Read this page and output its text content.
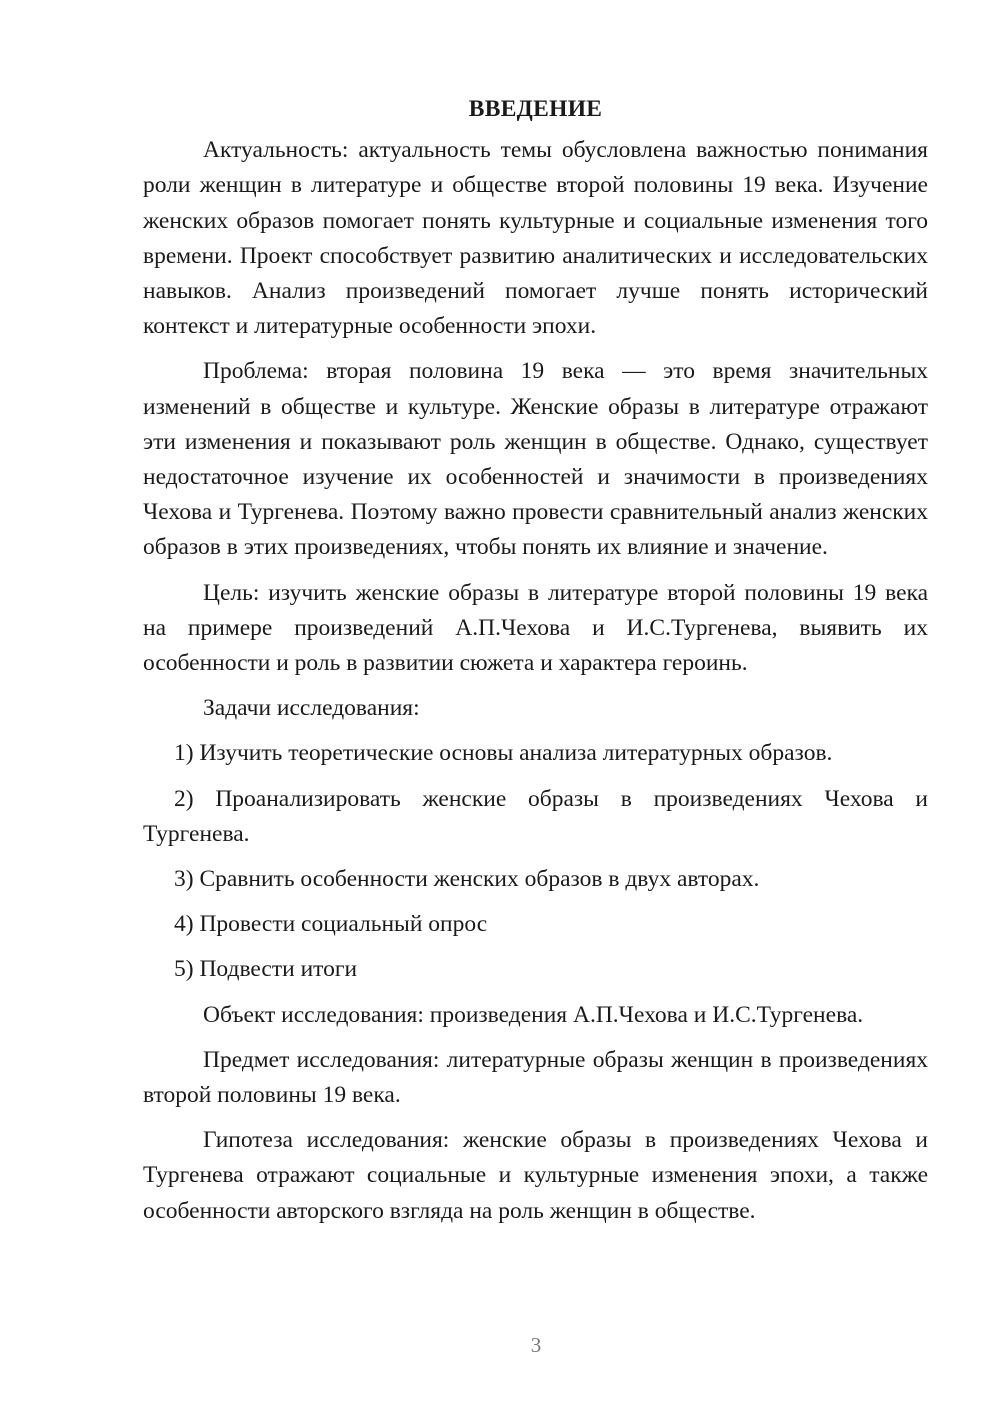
ВВЕДЕНИЕ

Актуальность: актуальность темы обусловлена важностью понимания роли женщин в литературе и обществе второй половины 19 века. Изучение женских образов помогает понять культурные и социальные изменения того времени. Проект способствует развитию аналитических и исследовательских навыков. Анализ произведений помогает лучше понять исторический контекст и литературные особенности эпохи.

Проблема: вторая половина 19 века — это время значительных изменений в обществе и культуре. Женские образы в литературе отражают эти изменения и показывают роль женщин в обществе. Однако, существует недостаточное изучение их особенностей и значимости в произведениях Чехова и Тургенева. Поэтому важно провести сравнительный анализ женских образов в этих произведениях, чтобы понять их влияние и значение.

Цель: изучить женские образы в литературе второй половины 19 века на примере произведений А.П.Чехова и И.С.Тургенева, выявить их особенности и роль в развитии сюжета и характера героинь.

Задачи исследования:

1) Изучить теоретические основы анализа литературных образов.

2) Проанализировать женские образы в произведениях Чехова и Тургенева.

3) Сравнить особенности женских образов в двух авторах.

4) Провести социальный опрос

5) Подвести итоги

Объект исследования: произведения А.П.Чехова и И.С.Тургенева.

Предмет исследования: литературные образы женщин в произведениях второй половины 19 века.

Гипотеза исследования: женские образы в произведениях Чехова и Тургенева отражают социальные и культурные изменения эпохи, а также особенности авторского взгляда на роль женщин в обществе.

3
